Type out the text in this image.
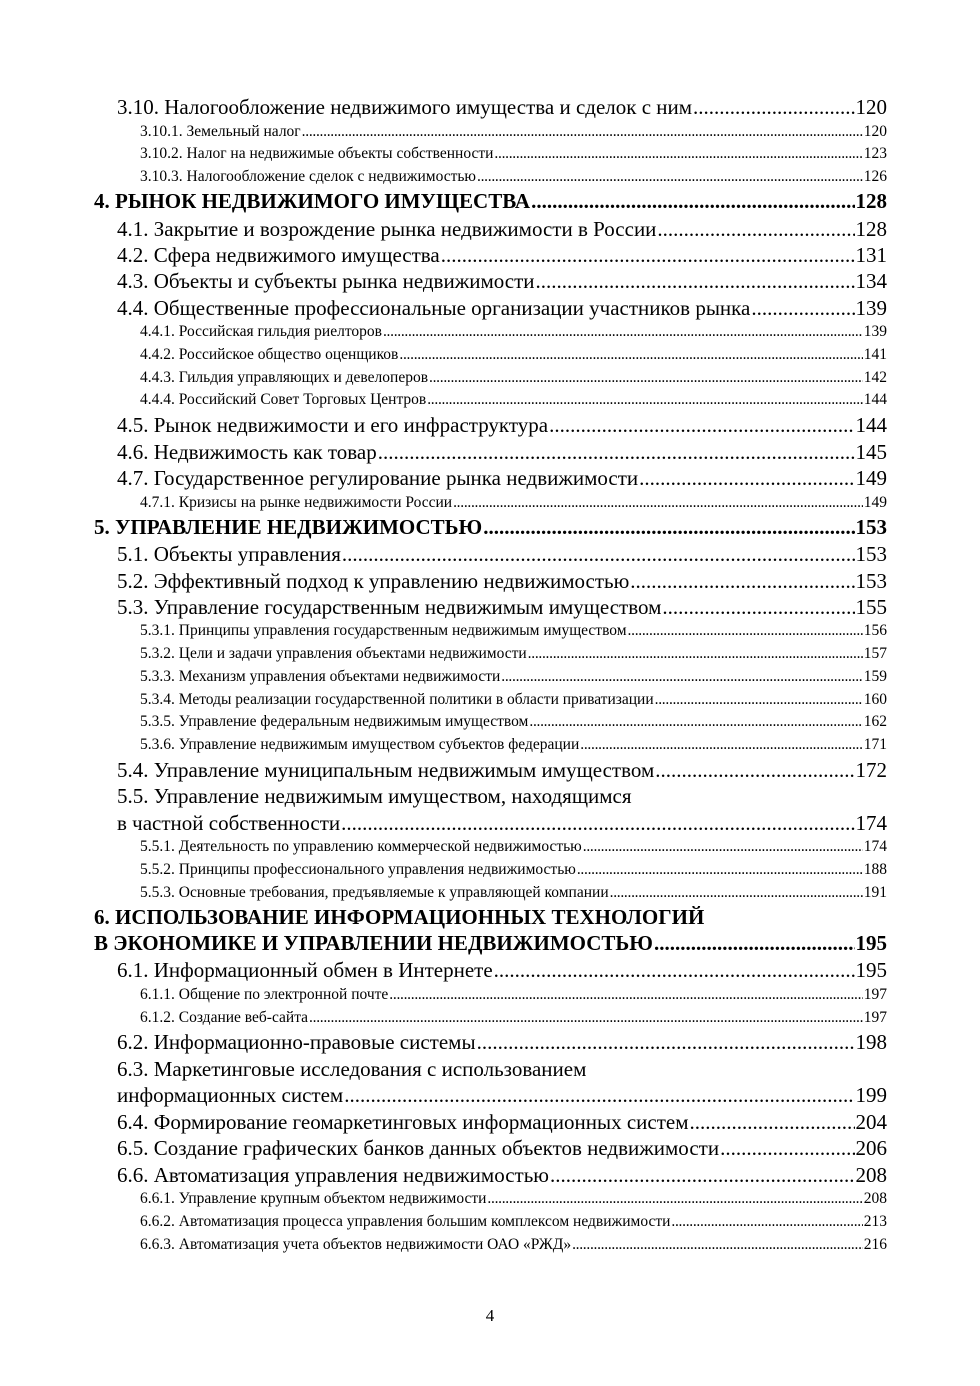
3.10. Налогообложение недвижимого имущества и сделок с ним .....	120
3.10.1. Земельный налог .....	120
3.10.2. Налог на недвижимые объекты собственности .....	123
3.10.3. Налогообложение сделок с недвижимостью .....	126
4. РЫНОК НЕДВИЖИМОГО ИМУЩЕСТВА .....	128
4.1. Закрытие и возрождение рынка недвижимости в России .....	128
4.2. Сфера недвижимого имущества .....	131
4.3. Объекты и субъекты рынка недвижимости .....	134
4.4. Общественные профессиональные организации участников рынка .....	139
4.4.1. Российская гильдия риелторов .....	139
4.4.2. Российское общество оценщиков .....	141
4.4.3. Гильдия управляющих и девелоперов .....	142
4.4.4. Российский Совет Торговых Центров .....	144
4.5. Рынок недвижимости и его инфраструктура .....	144
4.6. Недвижимость как товар .....	145
4.7. Государственное регулирование рынка недвижимости .....	149
4.7.1. Кризисы на рынке недвижимости России .....	149
5. УПРАВЛЕНИЕ НЕДВИЖИМОСТЬЮ .....	153
5.1. Объекты управления .....	153
5.2. Эффективный подход к управлению недвижимостью .....	153
5.3. Управление государственным недвижимым имуществом .....	155
5.3.1. Принципы управления государственным недвижимым имуществом .....	156
5.3.2. Цели и задачи управления объектами недвижимости .....	157
5.3.3. Механизм управления объектами недвижимости .....	159
5.3.4. Методы реализации государственной политики в области приватизации .....	160
5.3.5. Управление федеральным недвижимым имуществом .....	162
5.3.6. Управление недвижимым имуществом субъектов федерации .....	171
5.4. Управление муниципальным недвижимым имуществом .....	172
5.5. Управление недвижимым имуществом, находящимся
в частной собственности .....	174
5.5.1. Деятельность по управлению коммерческой недвижимостью .....	174
5.5.2. Принципы профессионального управления недвижимостью .....	188
5.5.3. Основные требования, предъявляемые к управляющей компании .....	191
6. ИСПОЛЬЗОВАНИЕ ИНФОРМАЦИОННЫХ ТЕХНОЛОГИЙ
В ЭКОНОМИКЕ И УПРАВЛЕНИИ НЕДВИЖИМОСТЬЮ .....	195
6.1. Информационный обмен в Интернете .....	195
6.1.1. Общение по электронной почте .....	197
6.1.2. Создание веб-сайта .....	197
6.2. Информационно-правовые системы .....	198
6.3. Маркетинговые исследования с использованием
информационных систем .....	199
6.4. Формирование геомаркетинговых информационных систем .....	204
6.5. Создание графических банков данных объектов недвижимости .....	206
6.6. Автоматизация управления недвижимостью .....	208
6.6.1. Управление крупным объектом недвижимости .....	208
6.6.2. Автоматизация процесса управления большим комплексом недвижимости .....	213
6.6.3. Автоматизация учета объектов недвижимости ОАО «РЖД» .....	216
4
